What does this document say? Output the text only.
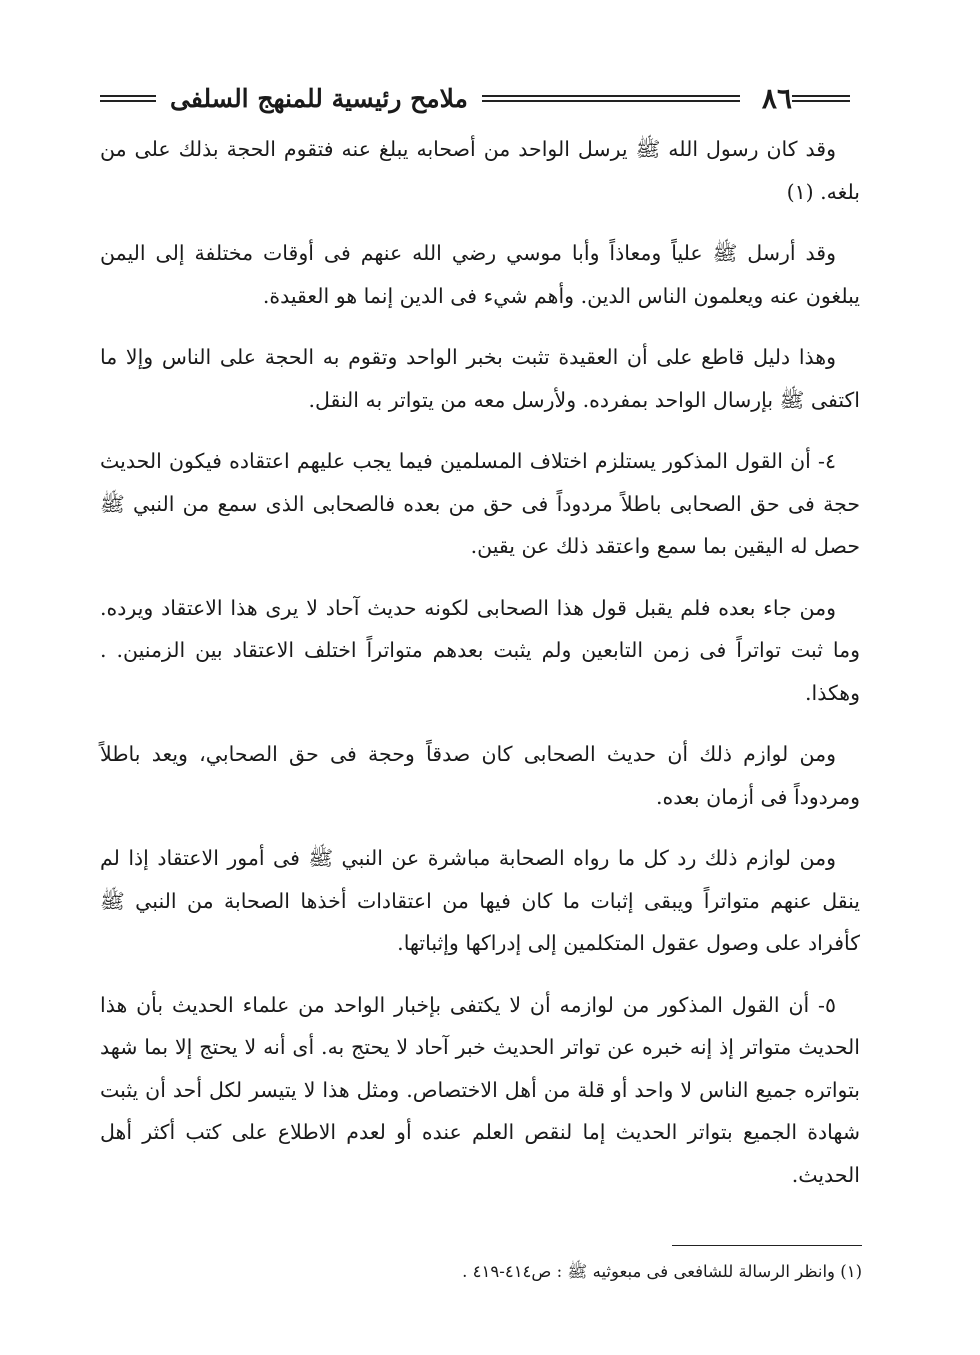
٨٦
ملامح رئيسية للمنهج السلفى

وقد كان رسول الله ﷺ يرسل الواحد من أصحابه يبلغ عنه فتقوم الحجة بذلك على من بلغه. (١)

وقد أرسل ﷺ علياً ومعاذاً وأبا موسي رضي الله عنهم فى أوقات مختلفة إلى اليمن يبلغون عنه ويعلمون الناس الدين. وأهم شيء فى الدين إنما هو العقيدة.

وهذا دليل قاطع على أن العقيدة تثبت بخبر الواحد وتقوم به الحجة على الناس وإلا ما اكتفى ﷺ بإرسال الواحد بمفرده. ولأرسل معه من يتواتر به النقل.

٤- أن القول المذكور يستلزم اختلاف المسلمين فيما يجب عليهم اعتقاده فيكون الحديث حجة فى حق الصحابى باطلاً مردوداً فى حق من بعده فالصحابى الذى سمع من النبي ﷺ حصل له اليقين بما سمع واعتقد ذلك عن يقين.

ومن جاء بعده فلم يقبل قول هذا الصحابى لكونه حديث آحاد لا يرى هذا الاعتقاد ويرده. وما ثبت تواتراً فى زمن التابعين ولم يثبت بعدهم متواتراً اختلف الاعتقاد بين الزمنين. . وهكذا.

ومن لوازم ذلك أن حديث الصحابى كان صدقاً وحجة فى حق الصحابي، ويعد باطلاً ومردوداً فى أزمان بعده.

ومن لوازم ذلك رد كل ما رواه الصحابة مباشرة عن النبي ﷺ فى أمور الاعتقاد إذا لم ينقل عنهم متواتراً ويبقى إثبات ما كان فيها من اعتقادات أخذها الصحابة من النبي ﷺ كأفراد على وصول عقول المتكلمين إلى إدراكها وإثباتها.

٥- أن القول المذكور من لوازمه أن لا يكتفى بإخبار الواحد من علماء الحديث بأن هذا الحديث متواتر إذ إنه خبره عن تواتر الحديث خبر آحاد لا يحتج به. أى أنه لا يحتج إلا بما شهد بتواتره جميع الناس لا واحد أو قلة من أهل الاختصاص. ومثل هذا لا يتيسر لكل أحد أن يثبت شهادة الجميع بتواتر الحديث إما لنقص العلم عنده أو لعدم الاطلاع على كتب أكثر أهل الحديث.

(١) وانظر الرسالة للشافعى فى مبعوثيه ﷺ : ص٤١٤-٤١٩ .
